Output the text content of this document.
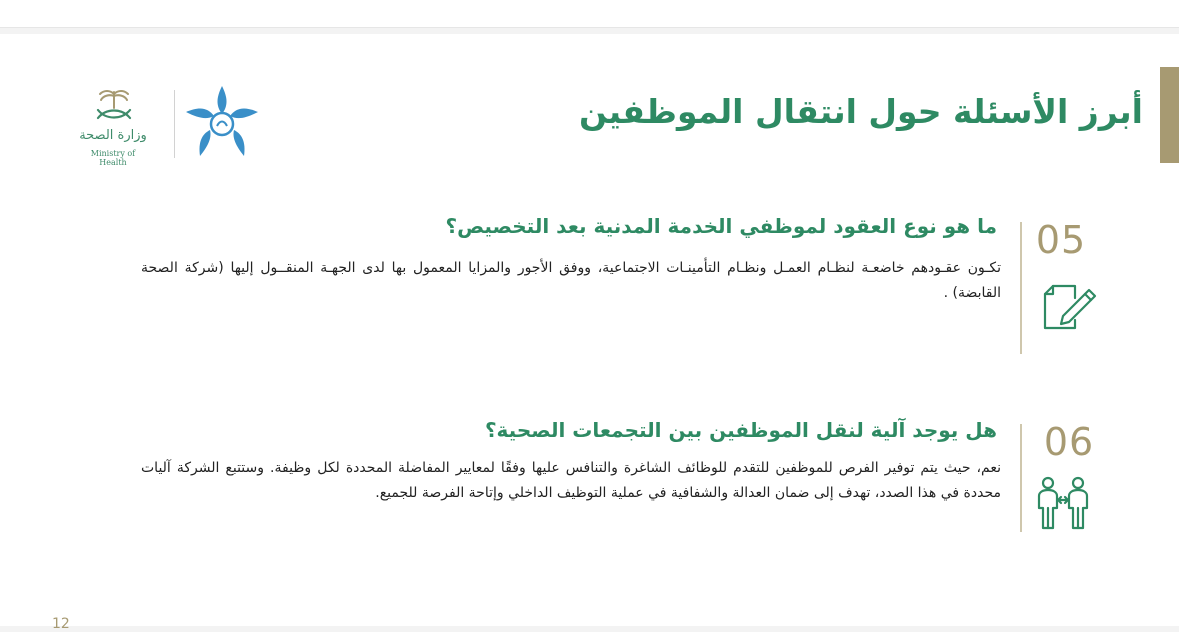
أبرز الأسئلة حول انتقال الموظفين
وزارة الصحة
Ministry of Health
05
ما هو نوع العقود لموظفي الخدمة المدنية بعد التخصيص؟

تكـون عقـودهم خاضعـة لنظـام العمـل ونظـام التأمينـات الاجتماعية، ووفق الأجور والمزايا المعمول بها لدى الجهـة المنقــول إليها (شركة الصحة القابضة) .

06
هل يوجد آلية لنقل الموظفين بين التجمعات الصحية؟

نعم، حيث يتم توفير الفرص للموظفين للتقدم للوظائف الشاغرة والتنافس عليها وفقًا لمعايير المفاضلة المحددة لكل وظيفة. وستتبع الشركة آليات محددة في هذا الصدد، تهدف إلى ضمان العدالة والشفافية في عملية التوظيف الداخلي وإتاحة الفرصة للجميع.

12
